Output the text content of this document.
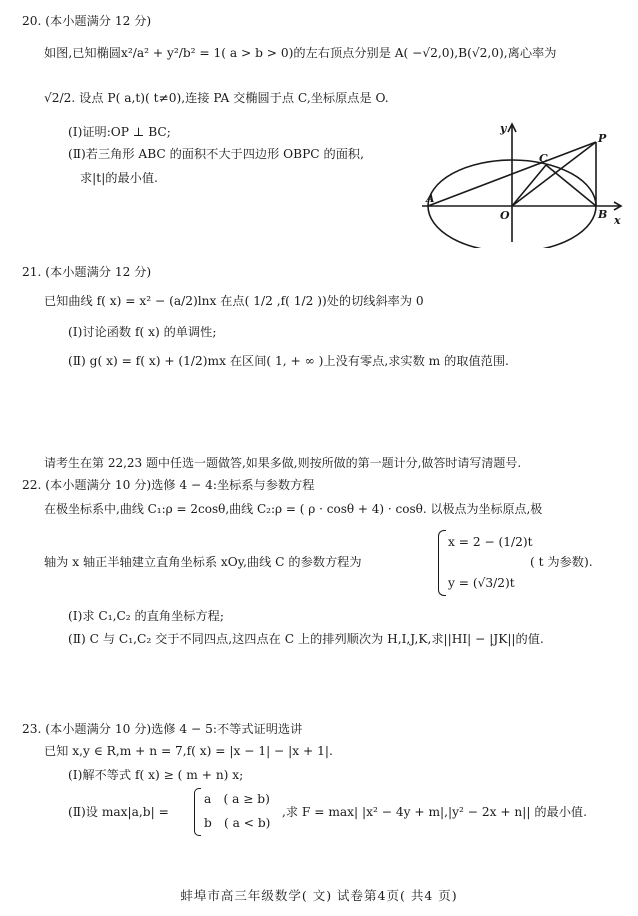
20. (本小题满分 12 分)
如图,已知椭圆x²/a² + y²/b² = 1( a > b > 0)的左右顶点分别是 A( −√2,0),B(√2,0),离心率为
√2/2. 设点 P( a,t)( t≠0),连接 PA 交椭圆于点 C,坐标原点是 O.
(Ⅰ)证明:OP ⊥ BC;
(Ⅱ)若三角形 ABC 的面积不大于四边形 OBPC 的面积,
求|t|的最小值.
A
B
C
P
O	x
y
21. (本小题满分 12 分)
已知曲线 f( x) = x² − (a/2)lnx 在点( 1/2 ,f( 1/2 ))处的切线斜率为 0
(Ⅰ)讨论函数 f( x) 的单调性;
(Ⅱ) g( x) = f( x) + (1/2)mx 在区间( 1, + ∞ )上没有零点,求实数 m 的取值范围.
请考生在第 22,23 题中任选一题做答,如果多做,则按所做的第一题计分,做答时请写清题号.
22. (本小题满分 10 分)选修 4 − 4:坐标系与参数方程
在极坐标系中,曲线 C₁:ρ = 2cosθ,曲线 C₂:ρ = ( ρ · cosθ + 4) · cosθ. 以极点为坐标原点,极
轴为 x 轴正半轴建立直角坐标系 xOy,曲线 C 的参数方程为
x = 2 − (1/2)t
y = (√3/2)t
( t 为参数).
(Ⅰ)求 C₁,C₂ 的直角坐标方程;
(Ⅱ) C 与 C₁,C₂ 交于不同四点,这四点在 C 上的排列顺次为 H,I,J,K,求||HI| − |JK||的值.
23. (本小题满分 10 分)选修 4 − 5:不等式证明选讲
已知 x,y ∈ R,m + n = 7,f( x) = |x − 1| − |x + 1|.
(Ⅰ)解不等式 f( x) ≥ ( m + n) x;
(Ⅱ)设 max|a,b| =
a　( a ≥ b)
b　( a < b)
,求 F = max| |x² − 4y + m|,|y² − 2x + n|| 的最小值.
蚌埠市高三年级数学( 文) 试卷第4页( 共4 页)
